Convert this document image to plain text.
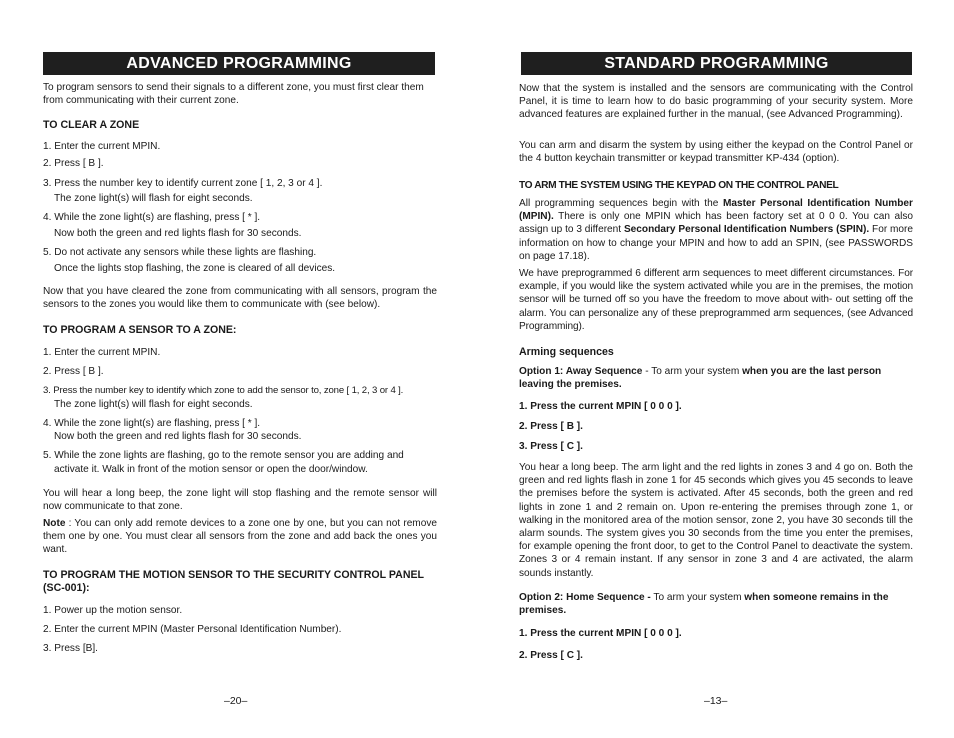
ADVANCED PROGRAMMING

To program sensors to send their signals to a different zone, you must first clear them from communicating with their current zone.

TO CLEAR A ZONE

1. Enter the current MPIN.

2. Press [ B ].

3. Press the number key to identify current zone [ 1, 2, 3 or 4 ].

The zone light(s) will flash for eight seconds.

4. While the zone light(s) are flashing, press [ * ].

Now both the green and red lights flash for 30 seconds.

5. Do not activate any sensors while these lights are flashing.

Once the lights stop flashing, the zone is cleared of all devices.

Now that you have cleared the zone from communicating with all sensors, program the sensors to the zones you would like them to communicate with (see below).

TO PROGRAM A SENSOR TO A ZONE:

1. Enter the current MPIN.

2. Press [ B ].

3. Press the number key to identify which zone to add the sensor to, zone [ 1, 2, 3 or 4 ].

The zone light(s) will flash for eight seconds.

4. While the zone light(s) are flashing, press [ * ].

Now both the green and red lights flash for 30 seconds.

5. While the zone lights are flashing, go to the remote sensor you are adding and

activate it. Walk in front of the motion sensor or open the door/window.

You will hear a long beep, the zone light will stop flashing and the remote sensor will now communicate to that zone.

Note : You can only add remote devices to a zone one by one, but you can not remove them one by one. You must clear all sensors from the zone and add back the ones you want.

TO PROGRAM THE MOTION SENSOR TO THE SECURITY CONTROL PANEL (SC-001):

1. Power up the motion sensor.

2. Enter the current MPIN (Master Personal Identification Number).

3. Press [B].

–20–
STANDARD PROGRAMMING

Now that the system is installed and the sensors are communicating with the Control Panel, it is time to learn how to do basic programming of your security system. More advanced features are explained further in the manual, (see Advanced Programming).

You can arm and disarm the system by using either the keypad on the Control Panel or the 4 button keychain transmitter or keypad transmitter KP-434 (option).

TO ARM THE SYSTEM USING THE KEYPAD ON THE CONTROL PANEL

All programming sequences begin with the Master Personal Identification Number (MPIN). There is only one MPIN which has been factory set at 0 0 0. You can also assign up to 3 different Secondary Personal Identification Numbers (SPIN). For more information on how to change your MPIN and how to add an SPIN, (see PASSWORDS on page 17.18).

We have preprogrammed 6 different arm sequences to meet different circumstances. For example, if you would like the system activated while you are in the premises, the motion sensor will be turned off so you have the freedom to move about with- out setting off the alarm. You can personalize any of these preprogrammed arm sequences, (see Advanced Programming).

Arming sequences

Option 1: Away Sequence - To arm your system when you are the last person leaving the premises.

1. Press the current MPIN [ 0 0 0 ].

2. Press [ B ].

3. Press [ C ].

You hear a long beep. The arm light and the red lights in zones 3 and 4 go on. Both the green and red lights flash in zone 1 for 45 seconds which gives you 45 seconds to leave the premises before the system is activated. After 45 seconds, both the green and red lights in zone 1 and 2 remain on. Upon re-entering the premises through zone 1, or walking in the monitored area of the motion sensor, zone 2, you have 30 seconds till the alarm sounds. The system gives you 30 seconds from the time you enter the premises, for example opening the front door, to get to the Control Panel to deactivate the system. Zones 3 or 4 remain instant. If any sensor in zone 3 and 4 are activated, the alarm sounds instantly.

Option 2: Home Sequence - To arm your system when someone remains in the premises.

1. Press the current MPIN [ 0 0 0 ].

2. Press [ C ].

–13–
